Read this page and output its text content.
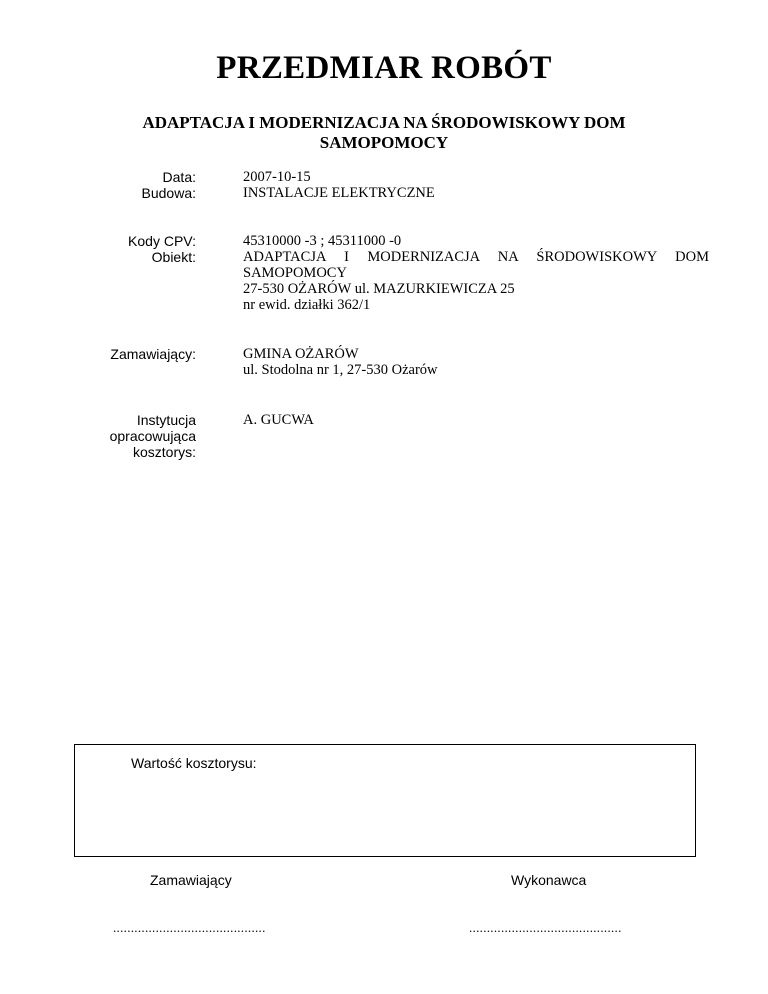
PRZEDMIAR ROBÓT
ADAPTACJA I MODERNIZACJA NA ŚRODOWISKOWY DOM
SAMOPOMOCY
Data:	2007-10-15
Budowa:	INSTALACJE ELEKTRYCZNE
Kody CPV:	45310000 -3 ; 45311000 -0
Obiekt:	ADAPTACJA I MODERNIZACJA NA ŚRODOWISKOWY DOM
SAMOPOMOCY
27-530 OŻARÓW ul. MAZURKIEWICZA 25
nr ewid. działki 362/1
Zamawiający:	GMINA OŻARÓW
ul. Stodolna nr 1, 27-530 Ożarów
Instytucja
opracowująca
kosztorys:
A. GUCWA
Wartość kosztorysu:
Zamawiający	Wykonawca
...........................................	...........................................
